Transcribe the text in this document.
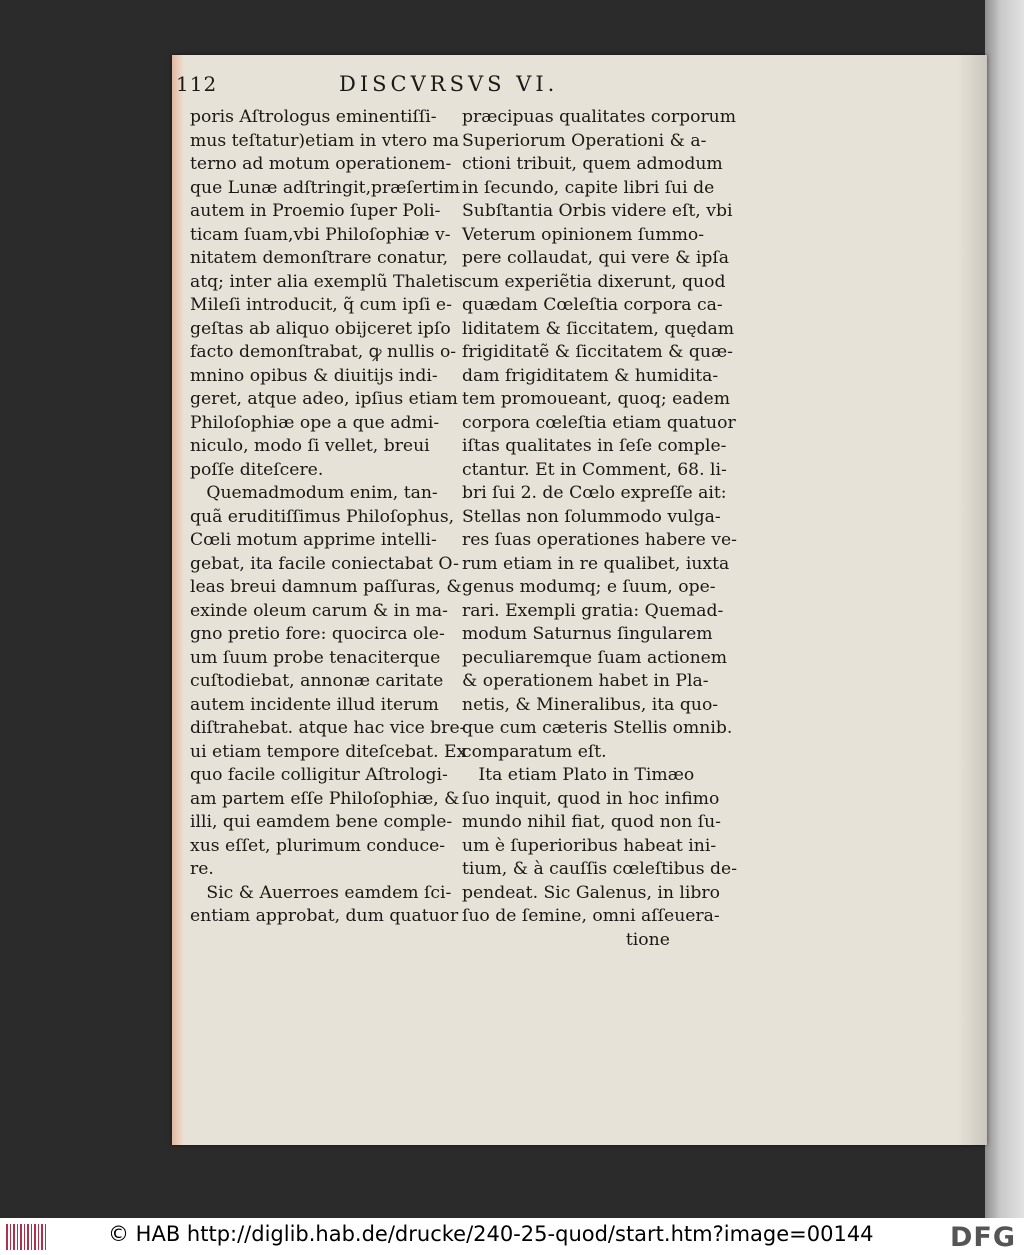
112	DISCVRSVS VI.
poris Aſtrologus eminentiſſi-
mus teſtatur)etiam in vtero ma
terno ad motum operationem-
que Lunæ adſtringit,præſertim
autem in Proemio ſuper Poli-
ticam ſuam,vbi Philoſophiæ v-
nitatem demonſtrare conatur,
atq; inter alia exemplũ Thaletis
Mileſi introducit, q̃ cum ipſi e-
geſtas ab aliquo obijceret ipſo
facto demonſtrabat, ꝙ nullis o-
mnino opibus & diuitijs indi-
geret, atque adeo, ipſius etiam
Philoſophiæ ope a que admi-
niculo, modo ſi vellet, breui
poſſe diteſcere.
Quemadmodum enim, tan-
quã eruditiſſimus Philoſophus,
Cœli motum apprime intelli-
gebat, ita facile coniectabat O-
leas breui damnum paſſuras, &
exinde oleum carum & in ma-
gno pretio fore: quocirca ole-
um ſuum probe tenaciterque
cuſtodiebat, annonæ caritate
autem incidente illud iterum
diſtrahebat. atque hac vice bre-
ui etiam tempore diteſcebat. Ex
quo facile colligitur Aſtrologi-
am partem eſſe Philoſophiæ, &
illi, qui eamdem bene comple-
xus eſſet, plurimum conduce-
re.
Sic & Auerroes eamdem ſci-
entiam approbat, dum quatuor
præcipuas qualitates corporum
Superiorum Operationi & a-
ctioni tribuit, quem admodum
in ſecundo, capite libri ſui de
Subſtantia Orbis videre eſt, vbi
Veterum opinionem ſummo-
pere collaudat, qui vere & ipſa
cum experiẽtia dixerunt, quod
quædam Cœleſtia corpora ca-
liditatem & ſiccitatem, quędam
frigiditatẽ & ſiccitatem & quæ-
dam frigiditatem & humidita-
tem promoueant, quoq; eadem
corpora cœleſtia etiam quatuor
iſtas qualitates in ſeſe comple-
ctantur. Et in Comment, 68. li-
bri ſui 2. de Cœlo expreſſe ait:
Stellas non ſolummodo vulga-
res ſuas operationes habere ve-
rum etiam in re qualibet, iuxta
genus modumq; e ſuum, ope-
rari. Exempli gratia: Quemad-
modum Saturnus ſingularem
peculiaremque ſuam actionem
& operationem habet in Pla-
netis, & Mineralibus, ita quo-
que cum cæteris Stellis omnib.
comparatum eſt.
Ita etiam Plato in Timæo
ſuo inquit, quod in hoc infimo
mundo nihil fiat, quod non ſu-
um è ſuperioribus habeat ini-
tium, & à cauſſis cœleſtibus de-
pendeat. Sic Galenus, in libro
ſuo de ſemine, omni aſſeuera-
tione
© HAB http://diglib.hab.de/drucke/240-25-quod/start.htm?image=00144	DFG
